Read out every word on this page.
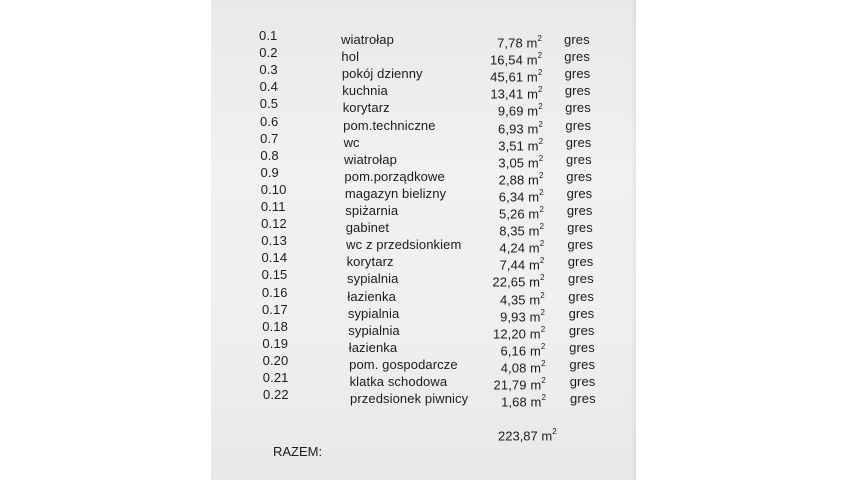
0.1	wiatrołap	7,78 $m^2$ gres
0.2	hol	16,54 $m^2$ gres
0.3	pokój dzienny	45,61 $m^2$ gres
0.4	kuchnia	13,41 $m^2$ gres
0.5	korytarz	9,69 $m^2$ gres
0.6	pom.techniczne	6,93 $m^2$ gres
0.7	wc	3,51 $m^2$ gres
0.8	wiatrołap	3,05 $m^2$ gres
0.9	pom.porządkowe	2,88 $m^2$ gres
0.10	magazyn bielizny	6,34 $m^2$ gres
0.11	spiżarnia	5,26 $m^2$ gres
0.12	gabinet	8,35 $m^2$ gres
0.13	wc z przedsionkiem	4,24 $m^2$ gres
0.14	korytarz	7,44 $m^2$ gres
0.15	sypialnia	22,65 $m^2$ gres
0.16	łazienka	4,35 $m^2$ gres
0.17	sypialnia	9,93 $m^2$ gres
0.18	sypialnia	12,20 $m^2$ gres
0.19	łazienka	6,16 $m^2$ gres
0.20	pom. gospodarcze	4,08 $m^2$ gres
0.21	klatka schodowa	21,79 $m^2$ gres
0.22	przedsionek piwnicy	1,68 $m^2$ gres
RAZEM:
223,87 $m^2$
